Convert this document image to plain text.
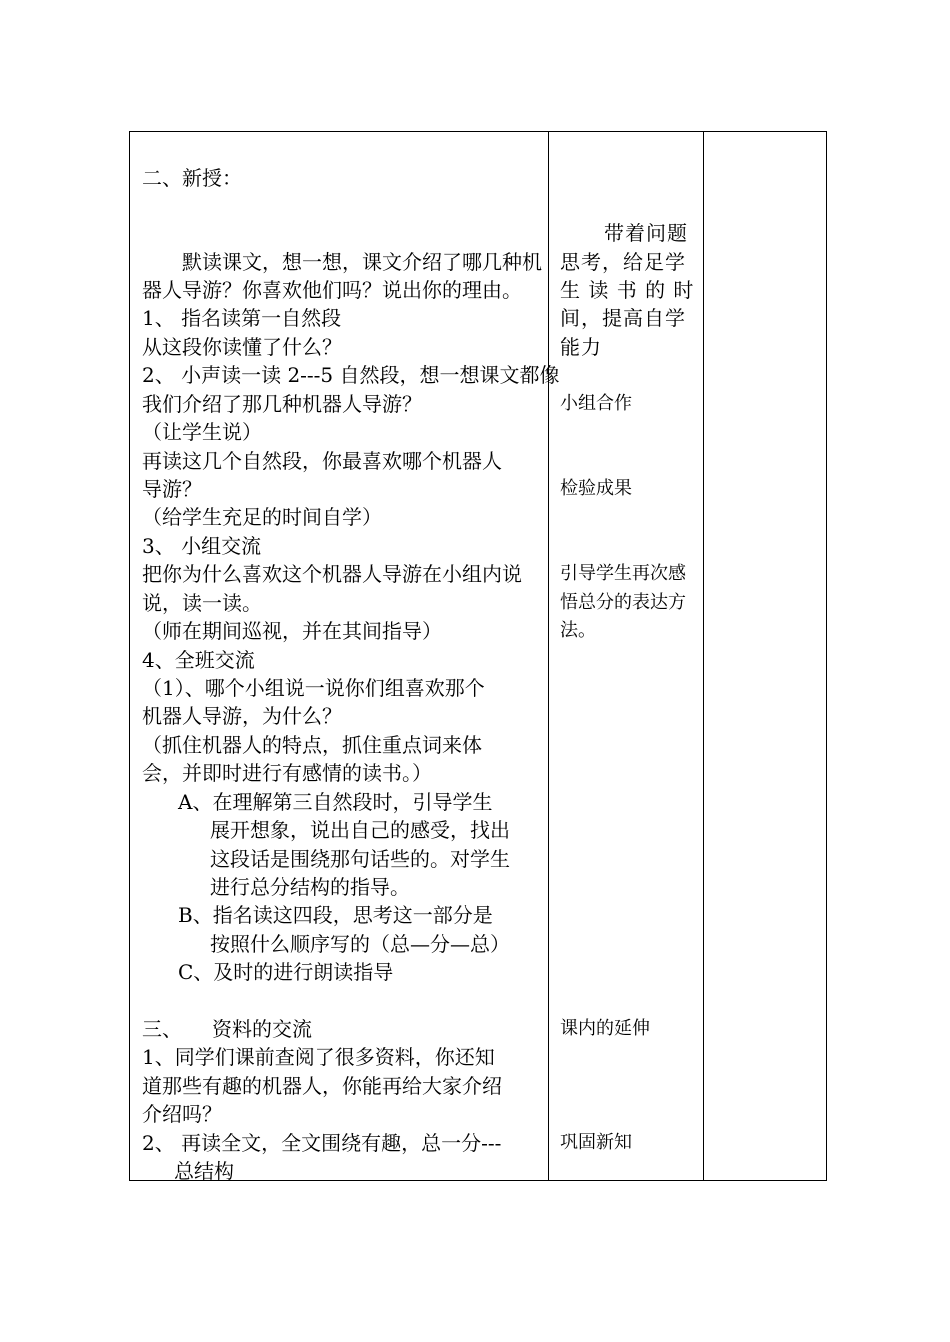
二、新授：
默读课文，想一想，课文介绍了哪几种机
器人导游？你喜欢他们吗？说出你的理由。
1、 指名读第一自然段
从这段你读懂了什么？
2、 小声读一读 2---5 自然段，想一想课文都像
我们介绍了那几种机器人导游？
（让学生说）
再读这几个自然段，你最喜欢哪个机器人
导游？
（给学生充足的时间自学）
3、 小组交流
把你为什么喜欢这个机器人导游在小组内说
说，读一读。
（师在期间巡视，并在其间指导）
4、全班交流
（1）、哪个小组说一说你们组喜欢那个
机器人导游，为什么？
（抓住机器人的特点，抓住重点词来体
会，并即时进行有感情的读书。）
A、在理解第三自然段时，引导学生
展开想象，说出自己的感受，找出
这段话是围绕那句话些的。对学生
进行总分结构的指导。
B、指名读这四段，思考这一部分是
按照什么顺序写的（总—分—总）
C、及时的进行朗读指导
三、　　资料的交流
1、同学们课前查阅了很多资料，你还知
道那些有趣的机器人，你能再给大家介绍
介绍吗？
2、 再读全文，全文围绕有趣，总一分---
总结构
带着问题
思考，给足学
生 读 书 的 时
间，提高自学
能力
小组合作
检验成果
引导学生再次感
悟总分的表达方
法。
课内的延伸
巩固新知
